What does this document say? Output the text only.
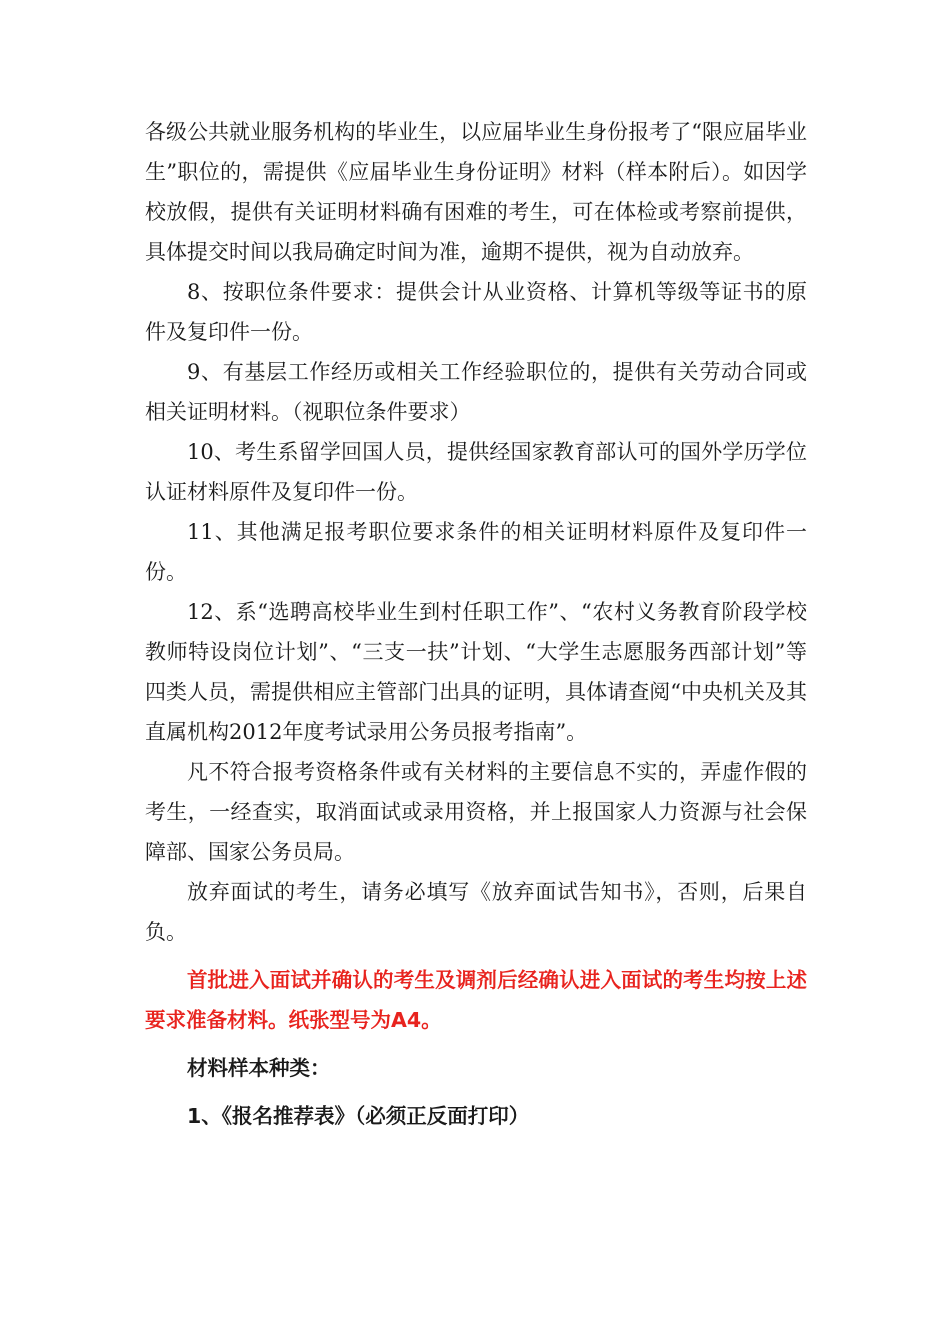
各级公共就业服务机构的毕业生，以应届毕业生身份报考了“限应届毕业生”职位的，需提供《应届毕业生身份证明》材料（样本附后）。如因学校放假，提供有关证明材料确有困难的考生，可在体检或考察前提供，具体提交时间以我局确定时间为准，逾期不提供，视为自动放弃。

8、按职位条件要求：提供会计从业资格、计算机等级等证书的原件及复印件一份。

9、有基层工作经历或相关工作经验职位的，提供有关劳动合同或相关证明材料。（视职位条件要求）

10、考生系留学回国人员，提供经国家教育部认可的国外学历学位认证材料原件及复印件一份。

11、其他满足报考职位要求条件的相关证明材料原件及复印件一份。

12、系“选聘高校毕业生到村任职工作”、“农村义务教育阶段学校教师特设岗位计划”、“三支一扶”计划、“大学生志愿服务西部计划”等四类人员，需提供相应主管部门出具的证明，具体请查阅“中央机关及其直属机构2012年度考试录用公务员报考指南”。

凡不符合报考资格条件或有关材料的主要信息不实的，弄虚作假的考生，一经查实，取消面试或录用资格，并上报国家人力资源与社会保障部、国家公务员局。

放弃面试的考生，请务必填写《放弃面试告知书》，否则，后果自负。

首批进入面试并确认的考生及调剂后经确认进入面试的考生均按上述要求准备材料。纸张型号为A4。

材料样本种类：

1、《报名推荐表》（必须正反面打印）
